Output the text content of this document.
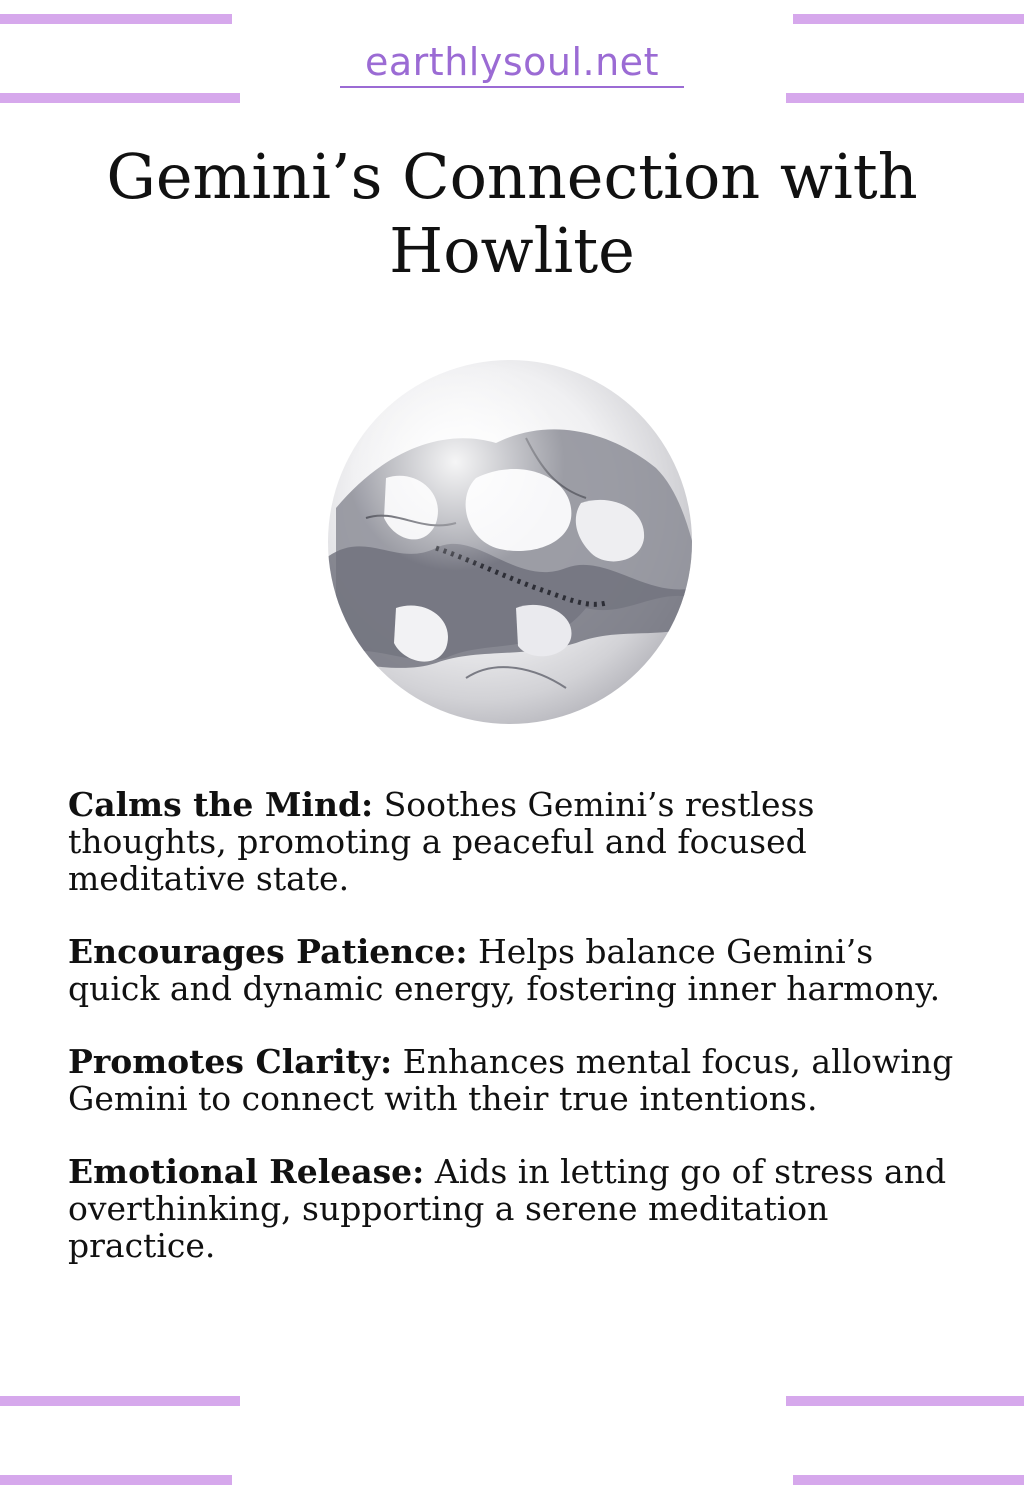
earthlysoul.net
Gemini’s Connection with Howlite

Calms the Mind: Soothes Gemini’s restless thoughts, promoting a peaceful and focused meditative state.

Encourages Patience: Helps balance Gemini’s quick and dynamic energy, fostering inner harmony.

Promotes Clarity: Enhances mental focus, allowing Gemini to connect with their true intentions.

Emotional Release: Aids in letting go of stress and overthinking, supporting a serene meditation practice.
